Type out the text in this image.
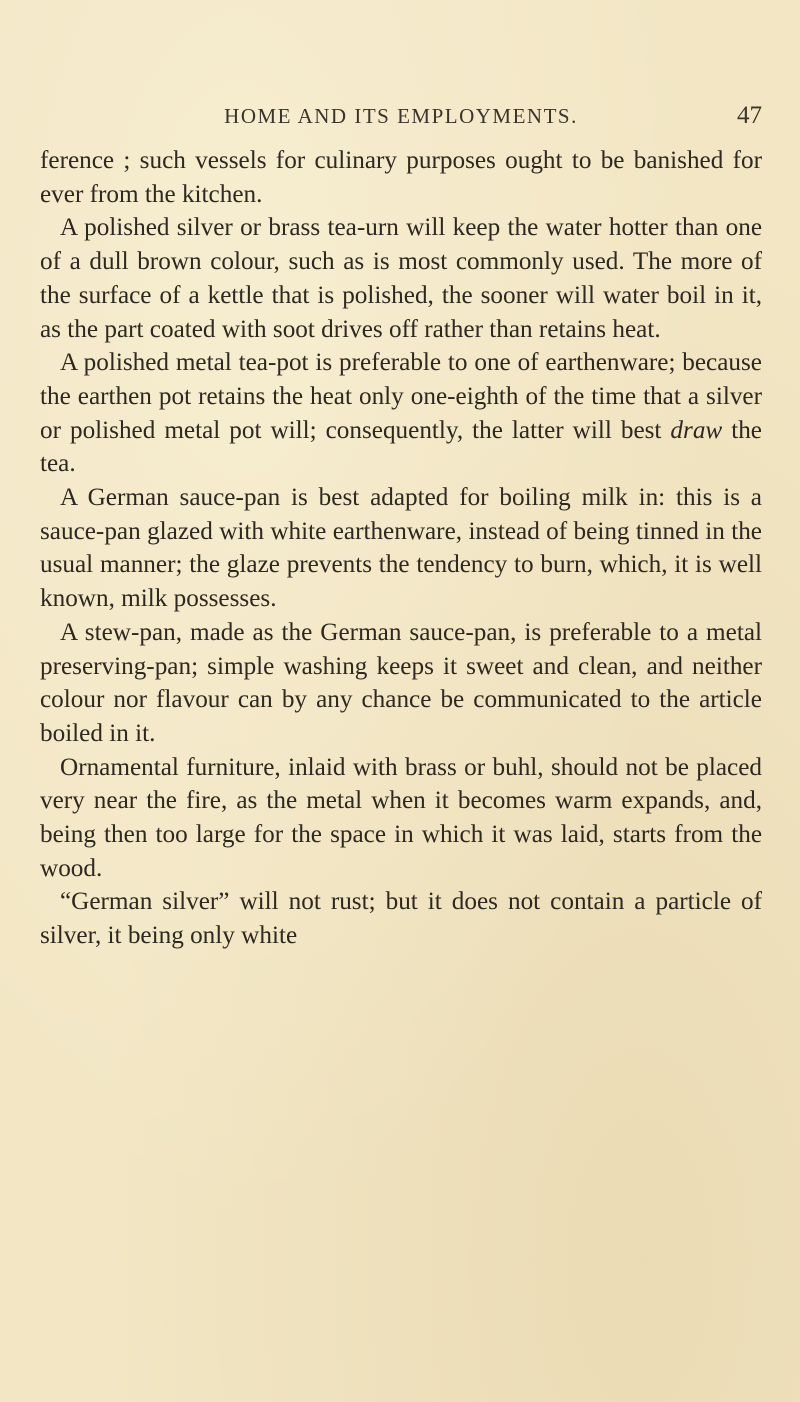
HOME AND ITS EMPLOYMENTS.	47

ference ; such vessels for culinary purposes ought to be banished for ever from the kitchen.

A polished silver or brass tea-urn will keep the water hotter than one of a dull brown colour, such as is most commonly used. The more of the surface of a kettle that is polished, the sooner will water boil in it, as the part coated with soot drives off rather than retains heat.

A polished metal tea-pot is preferable to one of earthenware; because the earthen pot retains the heat only one-eighth of the time that a silver or polished metal pot will; consequently, the latter will best draw the tea.

A German sauce-pan is best adapted for boiling milk in: this is a sauce-pan glazed with white earthenware, instead of being tinned in the usual manner; the glaze prevents the tendency to burn, which, it is well known, milk possesses.

A stew-pan, made as the German sauce-pan, is preferable to a metal preserving-pan; simple washing keeps it sweet and clean, and neither colour nor flavour can by any chance be communicated to the article boiled in it.

Ornamental furniture, inlaid with brass or buhl, should not be placed very near the fire, as the metal when it becomes warm expands, and, being then too large for the space in which it was laid, starts from the wood.

“German silver” will not rust; but it does not contain a particle of silver, it being only white
